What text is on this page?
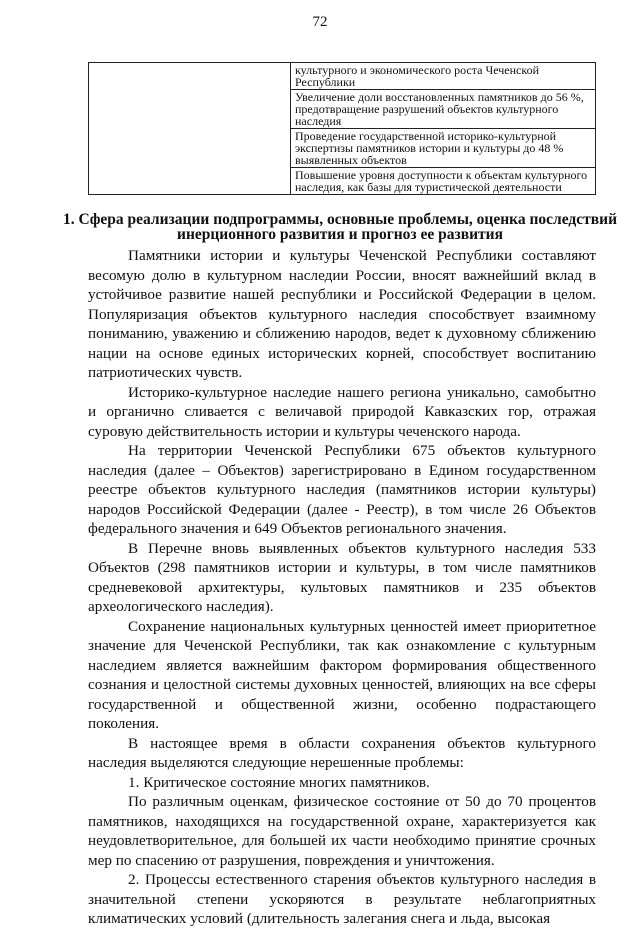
72
	культурного и экономического роста Чеченской Республики
Увеличение доли восстановленных памятников до 56 %, предотвращение разрушений объектов культурного наследия
Проведение государственной историко-культурной экспертизы памятников истории и культуры до 48 % выявленных объектов
Повышение уровня доступности к объектам культурного наследия, как базы для туристической деятельности
1. Сфера реализации подпрограммы, основные проблемы, оценка последствий инерционного развития и прогноз ее развития

Памятники истории и культуры Чеченской Республики составляют весомую долю в культурном наследии России, вносят важнейший вклад в устойчивое развитие нашей республики и Российской Федерации в целом. Популяризация объектов культурного наследия способствует взаимному пониманию, уважению и сближению народов, ведет к духовному сближению нации на основе единых исторических корней, способствует воспитанию патриотических чувств.

Историко-культурное наследие нашего региона уникально, самобытно и органично сливается с величавой природой Кавказских гор, отражая суровую действительность истории и культуры чеченского народа.

На территории Чеченской Республики 675 объектов культурного наследия (далее – Объектов) зарегистрировано в Едином государственном реестре объектов культурного наследия (памятников истории культуры) народов Российской Федерации (далее - Реестр), в том числе 26 Объектов федерального значения и 649 Объектов регионального значения.

В Перечне вновь выявленных объектов культурного наследия 533 Объектов (298 памятников истории и культуры, в том числе памятников средневековой архитектуры, культовых памятников и 235 объектов археологического наследия).

Сохранение национальных культурных ценностей имеет приоритетное значение для Чеченской Республики, так как ознакомление с культурным наследием является важнейшим фактором формирования общественного сознания и целостной системы духовных ценностей, влияющих на все сферы государственной и общественной жизни, особенно подрастающего поколения.

В настоящее время в области сохранения объектов культурного наследия выделяются следующие нерешенные проблемы:

1. Критическое состояние многих памятников.

По различным оценкам, физическое состояние от 50 до 70 процентов памятников, находящихся на государственной охране, характеризуется как неудовлетворительное, для большей их части необходимо принятие срочных мер по спасению от разрушения, повреждения и уничтожения.

2. Процессы естественного старения объектов культурного наследия в значительной степени ускоряются в результате неблагоприятных климатических условий (длительность залегания снега и льда, высокая
